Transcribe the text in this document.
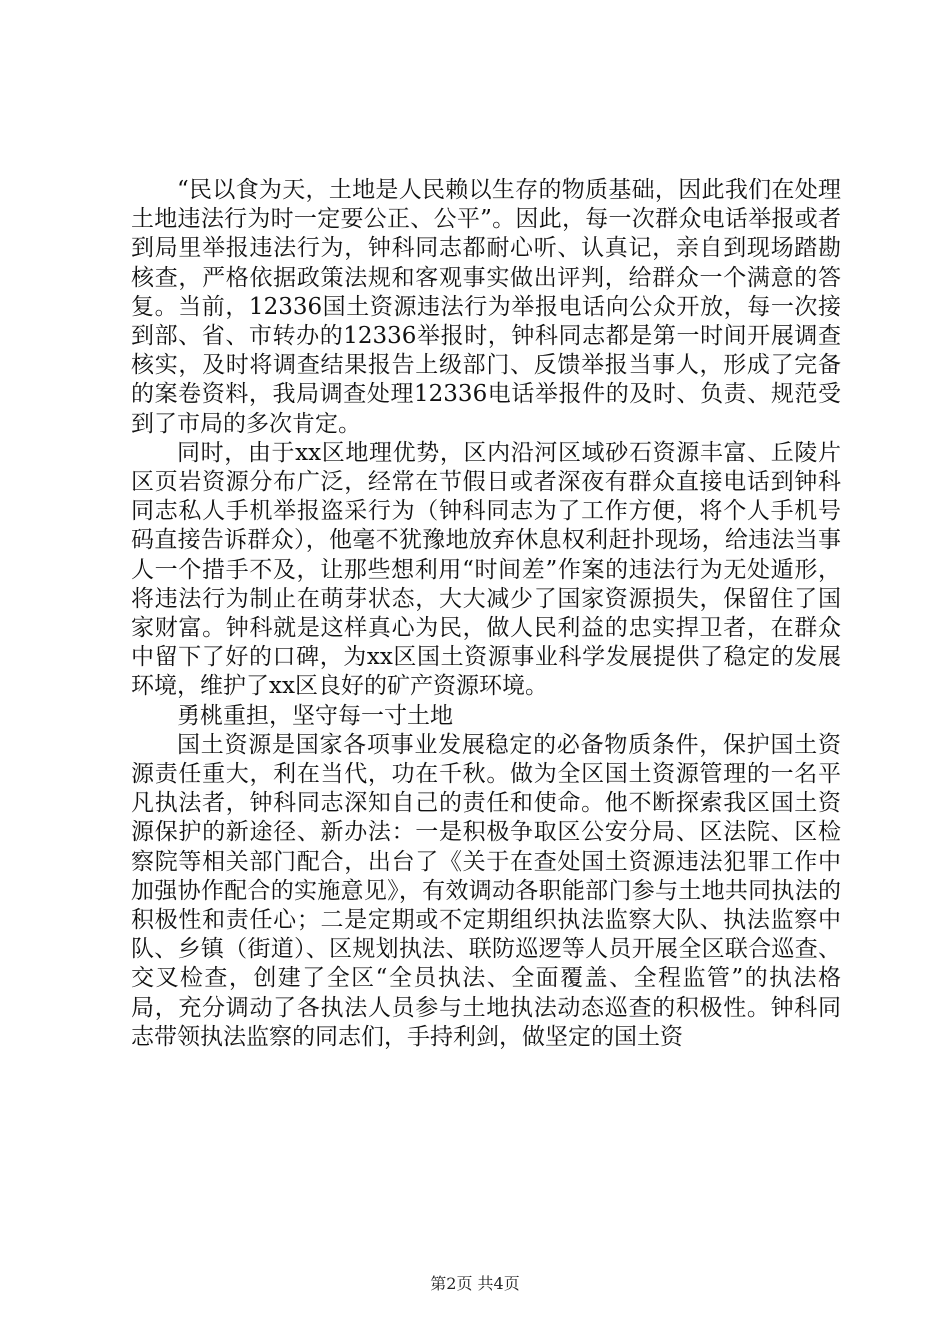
“民以食为天，土地是人民赖以生存的物质基础，因此我们在处理土地违法行为时一定要公正、公平”。因此，每一次群众电话举报或者到局里举报违法行为，钟科同志都耐心听、认真记，亲自到现场踏勘核查，严格依据政策法规和客观事实做出评判，给群众一个满意的答复。当前，12336国土资源违法行为举报电话向公众开放，每一次接到部、省、市转办的12336举报时，钟科同志都是第一时间开展调查核实，及时将调查结果报告上级部门、反馈举报当事人，形成了完备的案卷资料，我局调查处理12336电话举报件的及时、负责、规范受到了市局的多次肯定。

同时，由于xx区地理优势，区内沿河区域砂石资源丰富、丘陵片区页岩资源分布广泛，经常在节假日或者深夜有群众直接电话到钟科同志私人手机举报盗采行为（钟科同志为了工作方便，将个人手机号码直接告诉群众），他毫不犹豫地放弃休息权利赶扑现场，给违法当事人一个措手不及，让那些想利用“时间差”作案的违法行为无处遁形，将违法行为制止在萌芽状态，大大减少了国家资源损失，保留住了国家财富。钟科就是这样真心为民，做人民利益的忠实捍卫者，在群众中留下了好的口碑，为xx区国土资源事业科学发展提供了稳定的发展环境，维护了xx区良好的矿产资源环境。

勇桃重担，坚守每一寸土地

国土资源是国家各项事业发展稳定的必备物质条件，保护国土资源责任重大，利在当代，功在千秋。做为全区国土资源管理的一名平凡执法者，钟科同志深知自己的责任和使命。他不断探索我区国土资源保护的新途径、新办法：一是积极争取区公安分局、区法院、区检察院等相关部门配合，出台了《关于在查处国土资源违法犯罪工作中加强协作配合的实施意见》，有效调动各职能部门参与土地共同执法的积极性和责任心；二是定期或不定期组织执法监察大队、执法监察中队、乡镇（街道）、区规划执法、联防巡逻等人员开展全区联合巡查、交叉检查，创建了全区“全员执法、全面覆盖、全程监管”的执法格局，充分调动了各执法人员参与土地执法动态巡查的积极性。钟科同志带领执法监察的同志们，手持利剑，做坚定的国土资

第2页 共4页
